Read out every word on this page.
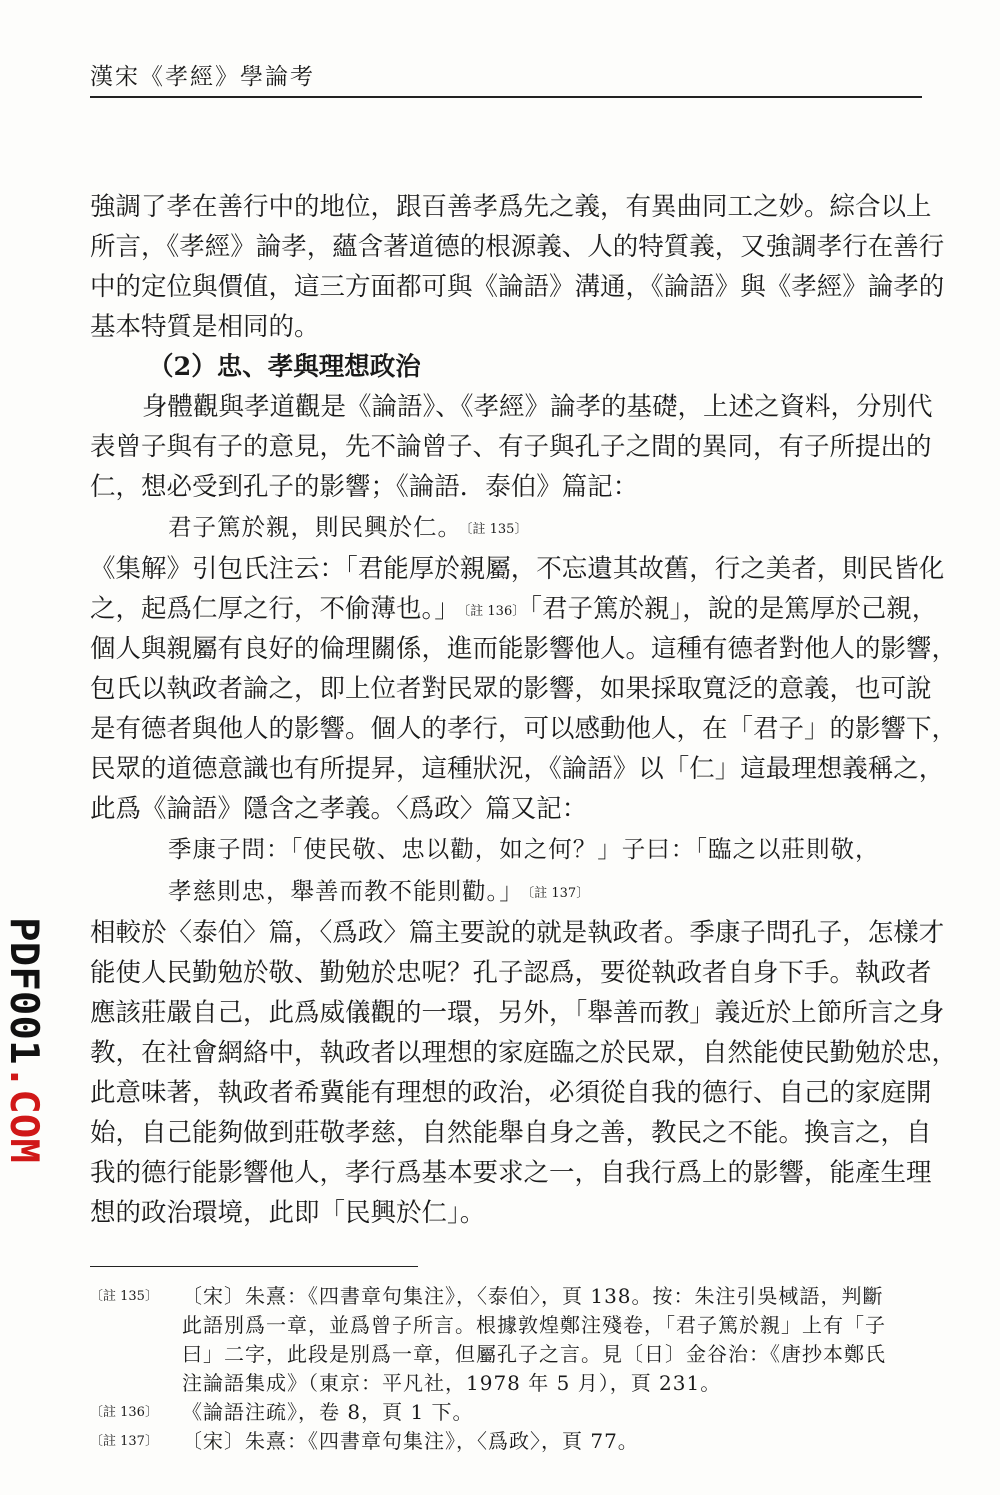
漢宋《孝經》學論考
強調了孝在善行中的地位，跟百善孝爲先之義，有異曲同工之妙。綜合以上
所言，《孝經》論孝，蘊含著道德的根源義、人的特質義，又強調孝行在善行
中的定位與價值，這三方面都可與《論語》溝通，《論語》與《孝經》論孝的
基本特質是相同的。
（2）忠、孝與理想政治
身體觀與孝道觀是《論語》、《孝經》論孝的基礎，上述之資料，分別代
表曾子與有子的意見，先不論曾子、有子與孔子之間的異同，有子所提出的
仁，想必受到孔子的影響；《論語．泰伯》篇記：
君子篤於親，則民興於仁。 〔註 135〕
《集解》引包氏注云：「君能厚於親屬，不忘遺其故舊，行之美者，則民皆化
之，起爲仁厚之行，不偷薄也。」 〔註 136〕 「君子篤於親」，說的是篤厚於己親，
個人與親屬有良好的倫理關係，進而能影響他人。這種有德者對他人的影響，
包氏以執政者論之，即上位者對民眾的影響，如果採取寬泛的意義，也可說
是有德者與他人的影響。個人的孝行，可以感動他人，在「君子」的影響下，
民眾的道德意識也有所提昇，這種狀況，《論語》以「仁」這最理想義稱之，
此爲《論語》隱含之孝義。〈爲政〉篇又記：
季康子問：「使民敬、忠以勸，如之何？」子曰：「臨之以莊則敬，
孝慈則忠，舉善而教不能則勸。」 〔註 137〕
相較於〈泰伯〉篇，〈爲政〉篇主要說的就是執政者。季康子問孔子，怎樣才
能使人民勤勉於敬、勤勉於忠呢？孔子認爲，要從執政者自身下手。執政者
應該莊嚴自己，此爲威儀觀的一環，另外，「舉善而教」義近於上節所言之身
教，在社會網絡中，執政者以理想的家庭臨之於民眾，自然能使民勤勉於忠，
此意味著，執政者希冀能有理想的政治，必須從自我的德行、自己的家庭開
始，自己能夠做到莊敬孝慈，自然能舉自身之善，教民之不能。換言之，自
我的德行能影響他人，孝行爲基本要求之一，自我行爲上的影響，能產生理
想的政治環境，此即「民興於仁」。
〔註 135〕 〔宋〕朱熹：《四書章句集注》，〈泰伯〉，頁 138。按：朱注引吳棫語，判斷
此語別爲一章，並爲曾子所言。根據敦煌鄭注殘卷，「君子篤於親」上有「子
曰」二字，此段是別爲一章，但屬孔子之言。見〔日〕金谷治：《唐抄本鄭氏
注論語集成》（東京：平凡社，1978 年 5 月），頁 231。
〔註 136〕 《論語注疏》，卷 8，頁 1 下。
〔註 137〕 〔宋〕朱熹：《四書章句集注》，〈爲政〉，頁 77。
PDF001.COM
